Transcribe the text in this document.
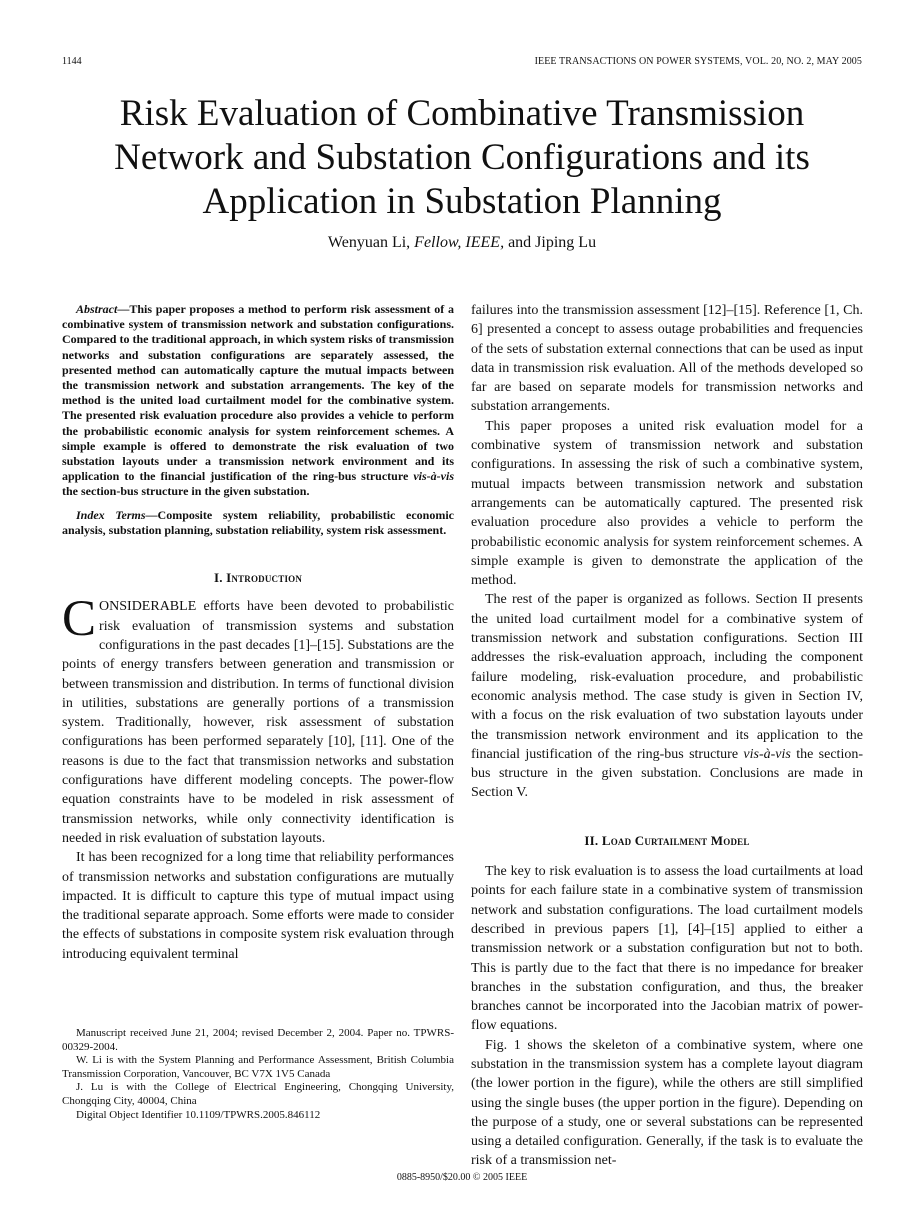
1144	IEEE TRANSACTIONS ON POWER SYSTEMS, VOL. 20, NO. 2, MAY 2005
Risk Evaluation of Combinative Transmission Network and Substation Configurations and its Application in Substation Planning
Wenyuan Li, Fellow, IEEE, and Jiping Lu

Abstract—This paper proposes a method to perform risk assessment of a combinative system of transmission network and substation configurations. Compared to the traditional approach, in which system risks of transmission networks and substation configurations are separately assessed, the presented method can automatically capture the mutual impacts between the transmission network and substation arrangements. The key of the method is the united load curtailment model for the combinative system. The presented risk evaluation procedure also provides a vehicle to perform the probabilistic economic analysis for system reinforcement schemes. A simple example is offered to demonstrate the risk evaluation of two substation layouts under a transmission network environment and its application to the financial justification of the ring-bus structure vis-à-vis the section-bus structure in the given substation.

Index Terms—Composite system reliability, probabilistic economic analysis, substation planning, substation reliability, system risk assessment.

I. Introduction

CONSIDERABLE efforts have been devoted to probabilistic risk evaluation of transmission systems and substation configurations in the past decades [1]–[15]. Substations are the points of energy transfers between generation and transmission or between transmission and distribution. In terms of functional division in utilities, substations are generally portions of a transmission system. Traditionally, however, risk assessment of substation configurations has been performed separately [10], [11]. One of the reasons is due to the fact that transmission networks and substation configurations have different modeling concepts. The power-flow equation constraints have to be modeled in risk assessment of transmission networks, while only connectivity identification is needed in risk evaluation of substation layouts.

It has been recognized for a long time that reliability performances of transmission networks and substation configurations are mutually impacted. It is difficult to capture this type of mutual impact using the traditional separate approach. Some efforts were made to consider the effects of substations in composite system risk evaluation through introducing equivalent terminal

Manuscript received June 21, 2004; revised December 2, 2004. Paper no. TPWRS-00329-2004.

W. Li is with the System Planning and Performance Assessment, British Columbia Transmission Corporation, Vancouver, BC V7X 1V5 Canada

J. Lu is with the College of Electrical Engineering, Chongqing University, Chongqing City, 40004, China

Digital Object Identifier 10.1109/TPWRS.2005.846112

failures into the transmission assessment [12]–[15]. Reference [1, Ch. 6] presented a concept to assess outage probabilities and frequencies of the sets of substation external connections that can be used as input data in transmission risk evaluation. All of the methods developed so far are based on separate models for transmission networks and substation arrangements.

This paper proposes a united risk evaluation model for a combinative system of transmission network and substation configurations. In assessing the risk of such a combinative system, mutual impacts between transmission network and substation arrangements can be automatically captured. The presented risk evaluation procedure also provides a vehicle to perform the probabilistic economic analysis for system reinforcement schemes. A simple example is given to demonstrate the application of the method.

The rest of the paper is organized as follows. Section II presents the united load curtailment model for a combinative system of transmission network and substation configurations. Section III addresses the risk-evaluation approach, including the component failure modeling, risk-evaluation procedure, and probabilistic economic analysis method. The case study is given in Section IV, with a focus on the risk evaluation of two substation layouts under the transmission network environment and its application to the financial justification of the ring-bus structure vis-à-vis the section-bus structure in the given substation. Conclusions are made in Section V.

II. Load Curtailment Model

The key to risk evaluation is to assess the load curtailments at load points for each failure state in a combinative system of transmission network and substation configurations. The load curtailment models described in previous papers [1], [4]–[15] applied to either a transmission network or a substation configuration but not to both. This is partly due to the fact that there is no impedance for breaker branches in the substation configuration, and thus, the breaker branches cannot be incorporated into the Jacobian matrix of power-flow equations.

Fig. 1 shows the skeleton of a combinative system, where one substation in the transmission system has a complete layout diagram (the lower portion in the figure), while the others are still simplified using the single buses (the upper portion in the figure). Depending on the purpose of a study, one or several substations can be represented using a detailed configuration. Generally, if the task is to evaluate the risk of a transmission net-

0885-8950/$20.00 © 2005 IEEE
